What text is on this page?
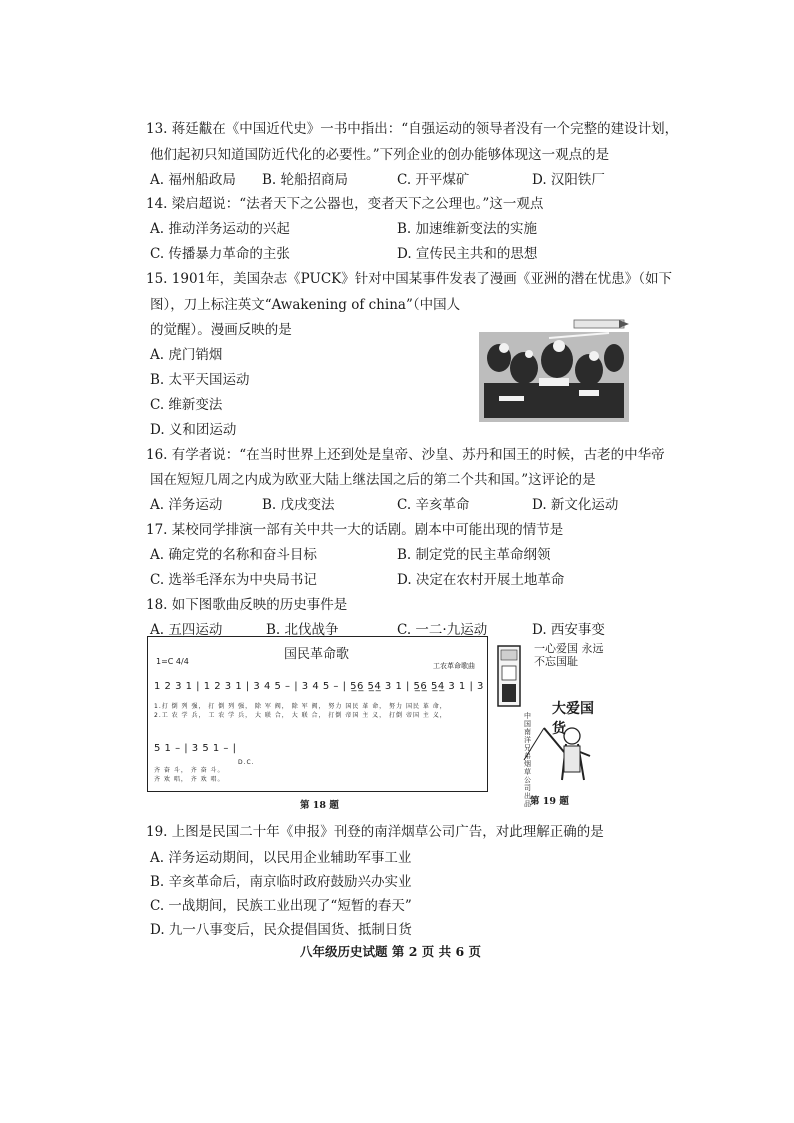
13. 蒋廷黻在《中国近代史》一书中指出：“自强运动的领导者没有一个完整的建设计划，
他们起初只知道国防近代化的必要性。”下列企业的创办能够体现这一观点的是
A. 福州船政局 B. 轮船招商局	C. 开平煤矿	D. 汉阳铁厂
14. 梁启超说：“法者天下之公器也，变者天下之公理也。”这一观点
A. 推动洋务运动的兴起	B. 加速维新变法的实施
C. 传播暴力革命的主张	D. 宣传民主共和的思想
15. 1901年，美国杂志《PUCK》针对中国某事件发表了漫画《亚洲的潜在忧患》（如下
图），刀上标注英文“Awakening of china”（中国人
的觉醒）。漫画反映的是
A. 虎门销烟
B. 太平天国运动
C. 维新变法
D. 义和团运动
16. 有学者说：“在当时世界上还到处是皇帝、沙皇、苏丹和国王的时候，古老的中华帝
国在短短几周之内成为欧亚大陆上继法国之后的第二个共和国。”这评论的是
A. 洋务运动	B. 戊戌变法	C. 辛亥革命	D. 新文化运动
17. 某校同学排演一部有关中共一大的话剧。剧本中可能出现的情节是
A. 确定党的名称和奋斗目标	B. 制定党的民主革命纲领
C. 选举毛泽东为中央局书记	D. 决定在农村开展土地革命
18. 如下图歌曲反映的历史事件是
A. 五四运动	B. 北伐战争	C. 一二·九运动	D. 西安事变
国民革命歌
工农革命歌曲
1=C 4/4
1 2 3 1 | 1 2 3 1 | 3 4 5 – | 3 4 5 – | 5̲6̲ 5̲4̲ 3 1 | 5̲6̲ 5̲4̲ 3 1 | 3
1.打 倒 列 强， 打 倒 列 强， 除 军 阀， 除 军 阀， 努力 国民 革 命， 努力 国民 革 命，
2.工 农 学 兵， 工 农 学 兵， 大 联 合， 大 联 合， 打倒 帝国 主 义， 打倒 帝国 主 义，
5 1 – | 3 5 1 – |
D.C.
齐 奋 斗， 齐 奋 斗。
齐 欢 唱， 齐 欢 唱。
第 18 题
一心爱国 永远不忘国耻
大爱国货
中国南洋兄弟烟草公司出品 第 19 题
19. 上图是民国二十年《申报》刊登的南洋烟草公司广告，对此理解正确的是
A. 洋务运动期间，以民用企业辅助军事工业
B. 辛亥革命后，南京临时政府鼓励兴办实业
C. 一战期间，民族工业出现了“短暂的春天”
D. 九一八事变后，民众提倡国货、抵制日货
八年级历史试题 第 2 页 共 6 页
